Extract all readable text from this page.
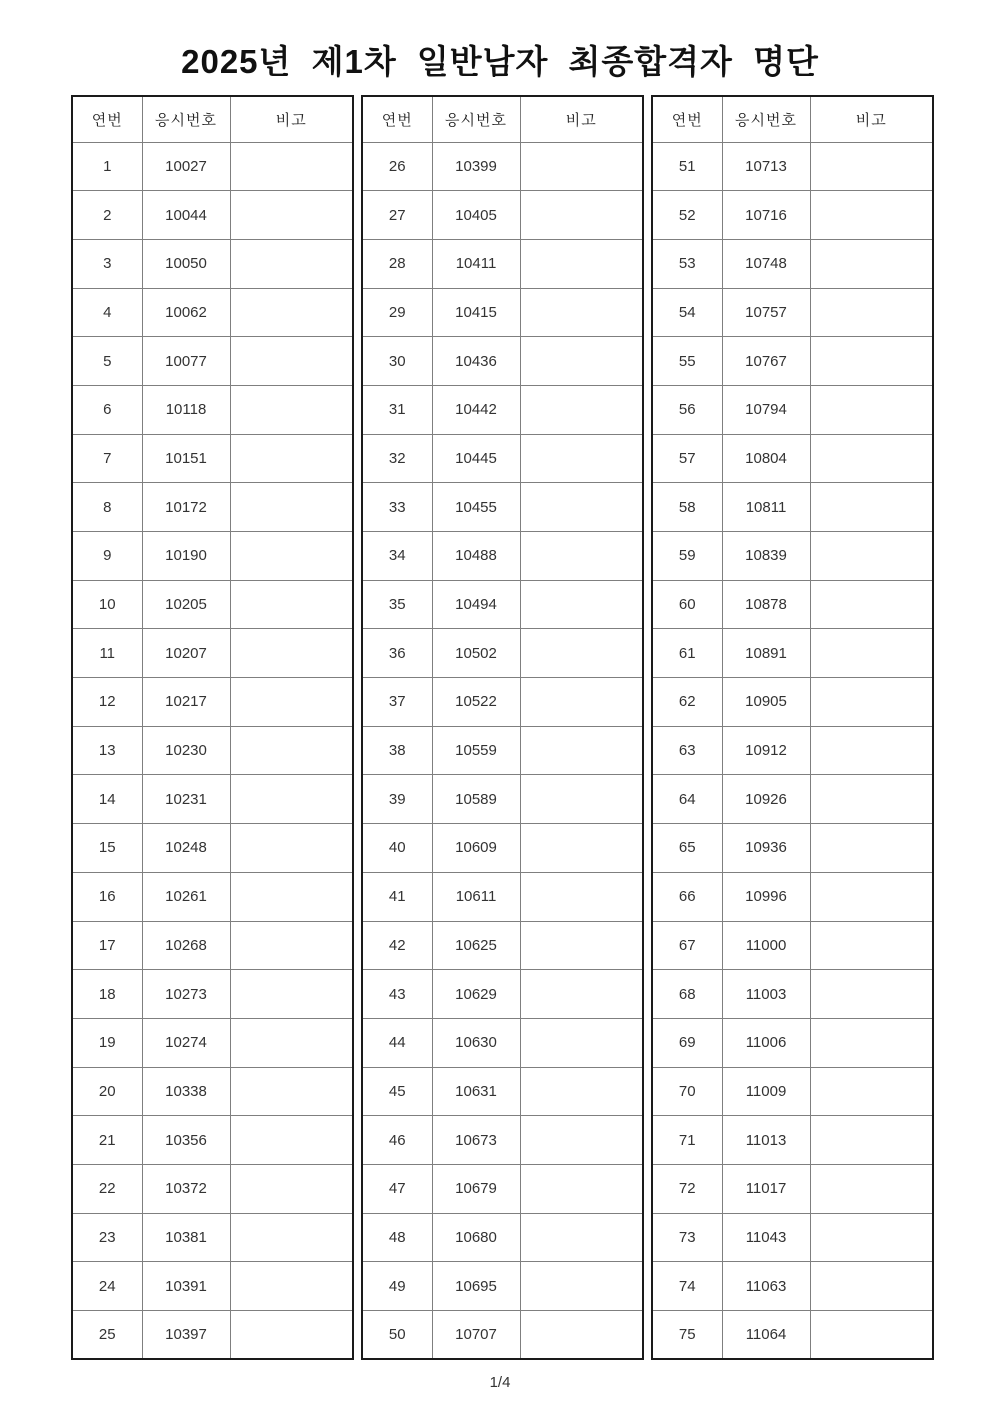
2025년 제1차 일반남자 최종합격자 명단
연번	응시번호	비고
1	10027	
2	10044	
3	10050	
4	10062	
5	10077	
6	10118	
7	10151	
8	10172	
9	10190	
10	10205	
11	10207	
12	10217	
13	10230	
14	10231	
15	10248	
16	10261	
17	10268	
18	10273	
19	10274	
20	10338	
21	10356	
22	10372	
23	10381	
24	10391	
25	10397	
연번	응시번호	비고
26	10399	
27	10405	
28	10411	
29	10415	
30	10436	
31	10442	
32	10445	
33	10455	
34	10488	
35	10494	
36	10502	
37	10522	
38	10559	
39	10589	
40	10609	
41	10611	
42	10625	
43	10629	
44	10630	
45	10631	
46	10673	
47	10679	
48	10680	
49	10695	
50	10707	
연번	응시번호	비고
51	10713	
52	10716	
53	10748	
54	10757	
55	10767	
56	10794	
57	10804	
58	10811	
59	10839	
60	10878	
61	10891	
62	10905	
63	10912	
64	10926	
65	10936	
66	10996	
67	11000	
68	11003	
69	11006	
70	11009	
71	11013	
72	11017	
73	11043	
74	11063	
75	11064	
1/4
